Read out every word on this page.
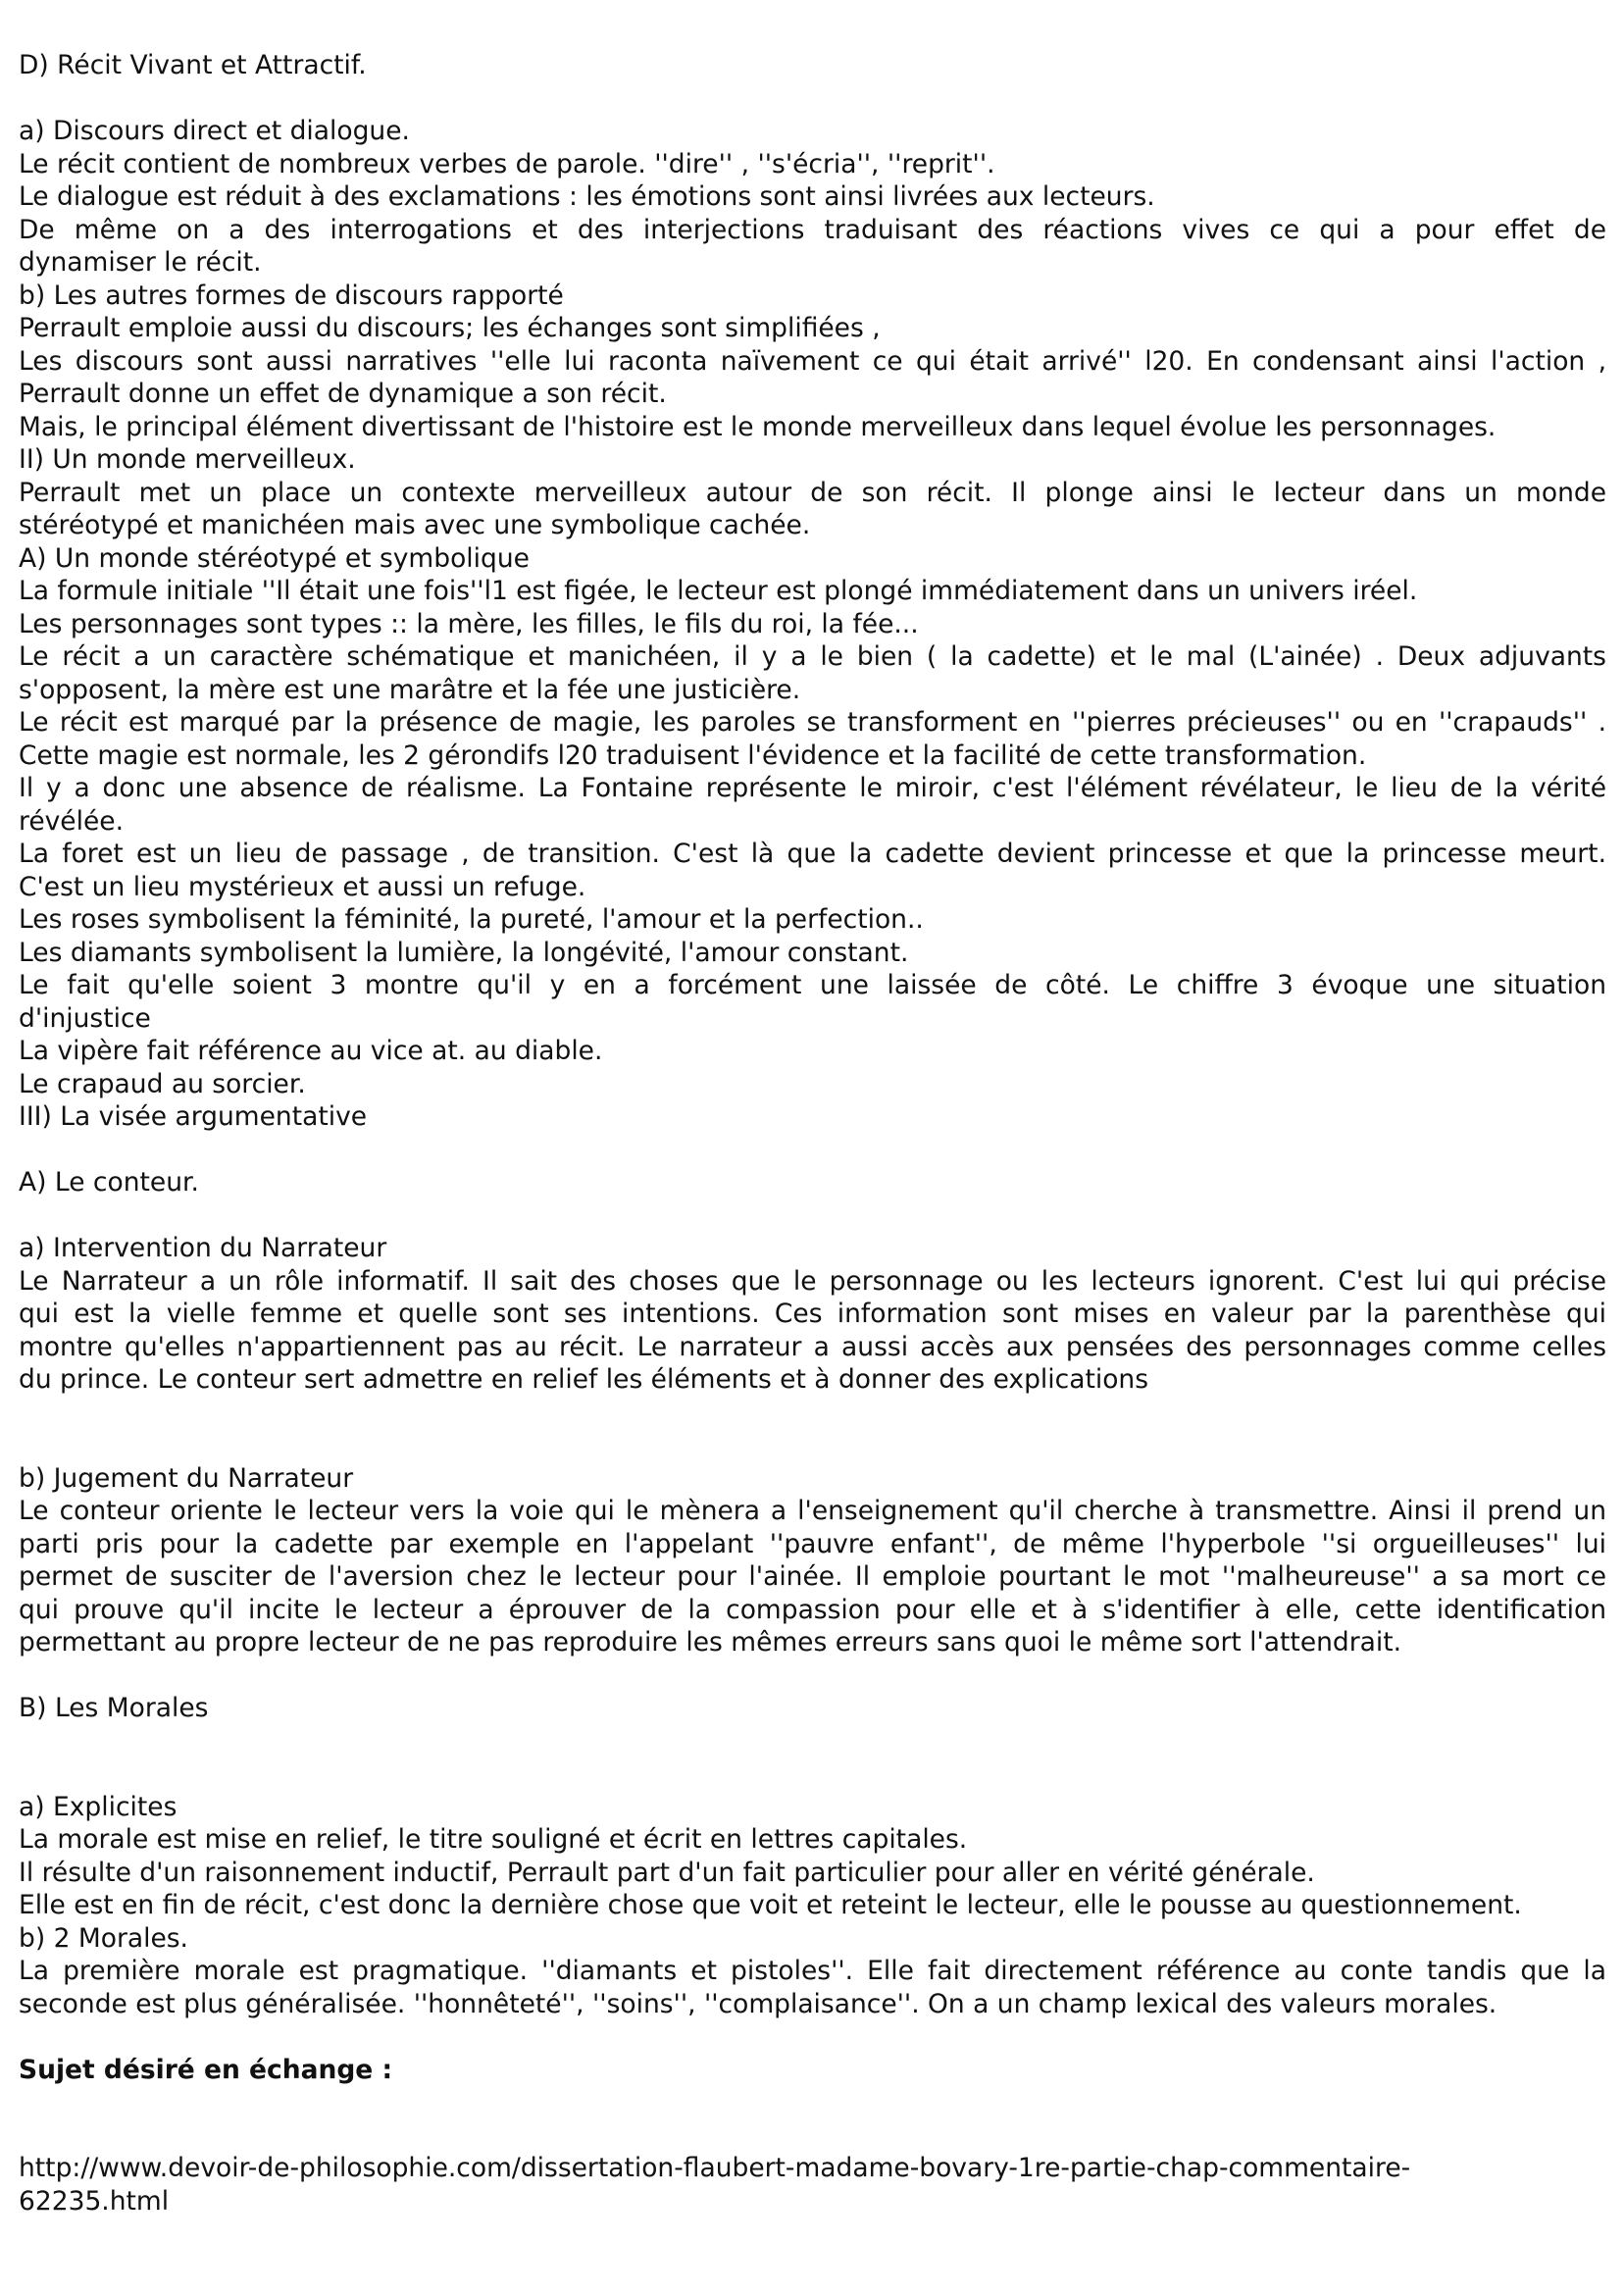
D) Récit Vivant et Attractif.
a) Discours direct et dialogue.
Le récit contient de nombreux verbes de parole. ''dire'' , ''s'écria'', ''reprit''.
Le dialogue est réduit à des exclamations : les émotions sont ainsi livrées aux lecteurs.
De même on a des interrogations et des interjections traduisant des réactions vives ce qui a pour effet de
dynamiser le récit.
b) Les autres formes de discours rapporté
Perrault emploie aussi du discours; les échanges sont simplifiées ,
Les discours sont aussi narratives ''elle lui raconta naïvement ce qui était arrivé'' l20. En condensant ainsi l'action ,
Perrault donne un effet de dynamique a son récit.
Mais, le principal élément divertissant de l'histoire est le monde merveilleux dans lequel évolue les personnages.
II) Un monde merveilleux.
Perrault met un place un contexte merveilleux autour de son récit. Il plonge ainsi le lecteur dans un monde
stéréotypé et manichéen mais avec une symbolique cachée.
A) Un monde stéréotypé et symbolique
La formule initiale ''Il était une fois''l1 est figée, le lecteur est plongé immédiatement dans un univers iréel.
Les personnages sont types :: la mère, les filles, le fils du roi, la fée...
Le récit a un caractère schématique et manichéen, il y a le bien ( la cadette) et le mal (L'ainée) . Deux adjuvants
s'opposent, la mère est une marâtre et la fée une justicière.
Le récit est marqué par la présence de magie, les paroles se transforment en ''pierres précieuses'' ou en ''crapauds'' .
Cette magie est normale, les 2 gérondifs l20 traduisent l'évidence et la facilité de cette transformation.
Il y a donc une absence de réalisme. La Fontaine représente le miroir, c'est l'élément révélateur, le lieu de la vérité
révélée.
La foret est un lieu de passage , de transition. C'est là que la cadette devient princesse et que la princesse meurt.
C'est un lieu mystérieux et aussi un refuge.
Les roses symbolisent la féminité, la pureté, l'amour et la perfection..
Les diamants symbolisent la lumière, la longévité, l'amour constant.
Le fait qu'elle soient 3 montre qu'il y en a forcément une laissée de côté. Le chiffre 3 évoque une situation
d'injustice
La vipère fait référence au vice at. au diable.
Le crapaud au sorcier.
III) La visée argumentative
A) Le conteur.
a) Intervention du Narrateur
Le Narrateur a un rôle informatif. Il sait des choses que le personnage ou les lecteurs ignorent. C'est lui qui précise
qui est la vielle femme et quelle sont ses intentions. Ces information sont mises en valeur par la parenthèse qui
montre qu'elles n'appartiennent pas au récit. Le narrateur a aussi accès aux pensées des personnages comme celles
du prince. Le conteur sert admettre en relief les éléments et à donner des explications
b) Jugement du Narrateur
Le conteur oriente le lecteur vers la voie qui le mènera a l'enseignement qu'il cherche à transmettre. Ainsi il prend un
parti pris pour la cadette par exemple en l'appelant ''pauvre enfant'', de même l'hyperbole ''si orgueilleuses'' lui
permet de susciter de l'aversion chez le lecteur pour l'ainée. Il emploie pourtant le mot ''malheureuse'' a sa mort ce
qui prouve qu'il incite le lecteur a éprouver de la compassion pour elle et à s'identifier à elle, cette identification
permettant au propre lecteur de ne pas reproduire les mêmes erreurs sans quoi le même sort l'attendrait.
B) Les Morales
a) Explicites
La morale est mise en relief, le titre souligné et écrit en lettres capitales.
Il résulte d'un raisonnement inductif, Perrault part d'un fait particulier pour aller en vérité générale.
Elle est en fin de récit, c'est donc la dernière chose que voit et reteint le lecteur, elle le pousse au questionnement.
b) 2 Morales.
La première morale est pragmatique. ''diamants et pistoles''. Elle fait directement référence au conte tandis que la
seconde est plus généralisée. ''honnêteté'', ''soins'', ''complaisance''. On a un champ lexical des valeurs morales.
Sujet désiré en échange :
http://www.devoir-de-philosophie.com/dissertation-flaubert-madame-bovary-1re-partie-chap-commentaire-
62235.html
